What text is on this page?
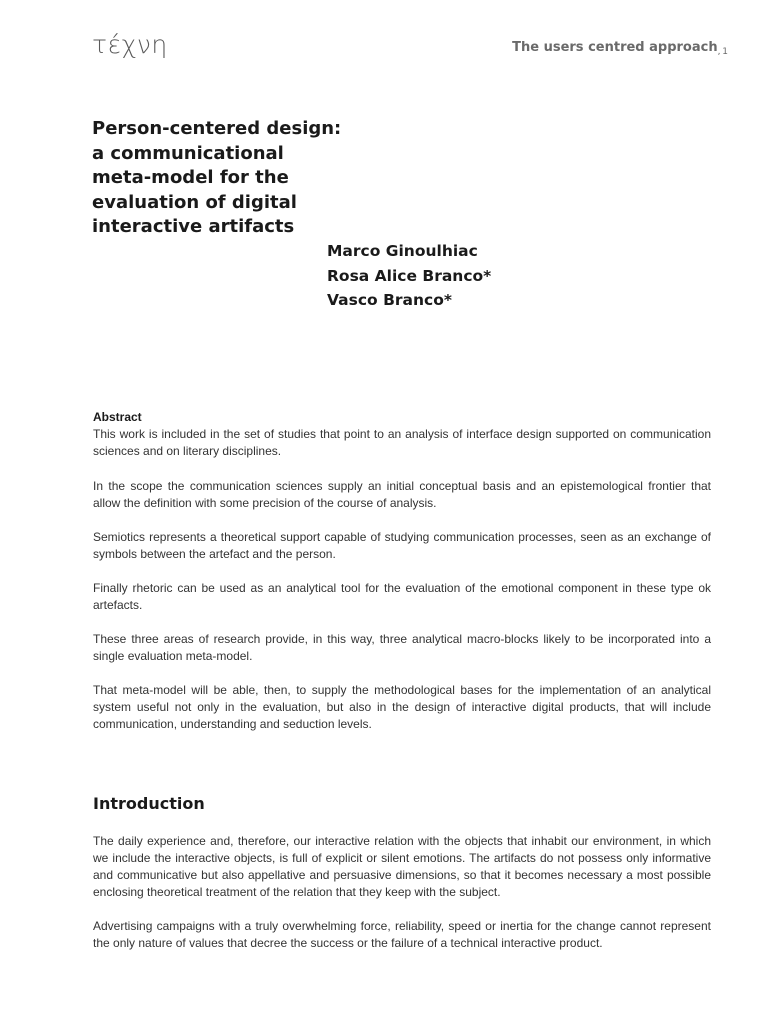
τέχνη	The users centred approach$_{, 1}$
Person-centered design:
a communicational
meta-model for the
evaluation of digital
interactive artifacts
Marco Ginoulhiac
Rosa Alice Branco*
Vasco Branco*
Abstract

This work is included in the set of studies that point to an analysis of interface design supported on communication sciences and on literary disciplines.

In the scope the communication sciences supply an initial conceptual basis and an epistemological frontier that allow the definition with some precision of the course of analysis.

Semiotics represents a theoretical support capable of studying communication processes, seen as an exchange of symbols between the artefact and the person.

Finally rhetoric can be used as an analytical tool for the evaluation of the emotional component in these type ok artefacts.

These three areas of research provide, in this way, three analytical macro-blocks likely to be incorporated into a single evaluation meta-model.

That meta-model will be able, then, to supply the methodological bases for the implementation of an analytical system useful not only in the evaluation, but also in the design of interactive digital products, that will include communication, understanding and seduction levels.

Introduction

The daily experience and, therefore, our interactive relation with the objects that inhabit our environment, in which we include the interactive objects, is full of explicit or silent emotions. The artifacts do not possess only informative and communicative but also appellative and persuasive dimensions, so that it becomes necessary a most possible enclosing theoretical treatment of the relation that they keep with the subject.

Advertising campaigns with a truly overwhelming force, reliability, speed or inertia for the change cannot represent the only nature of values that decree the success or the failure of a technical interactive product.
